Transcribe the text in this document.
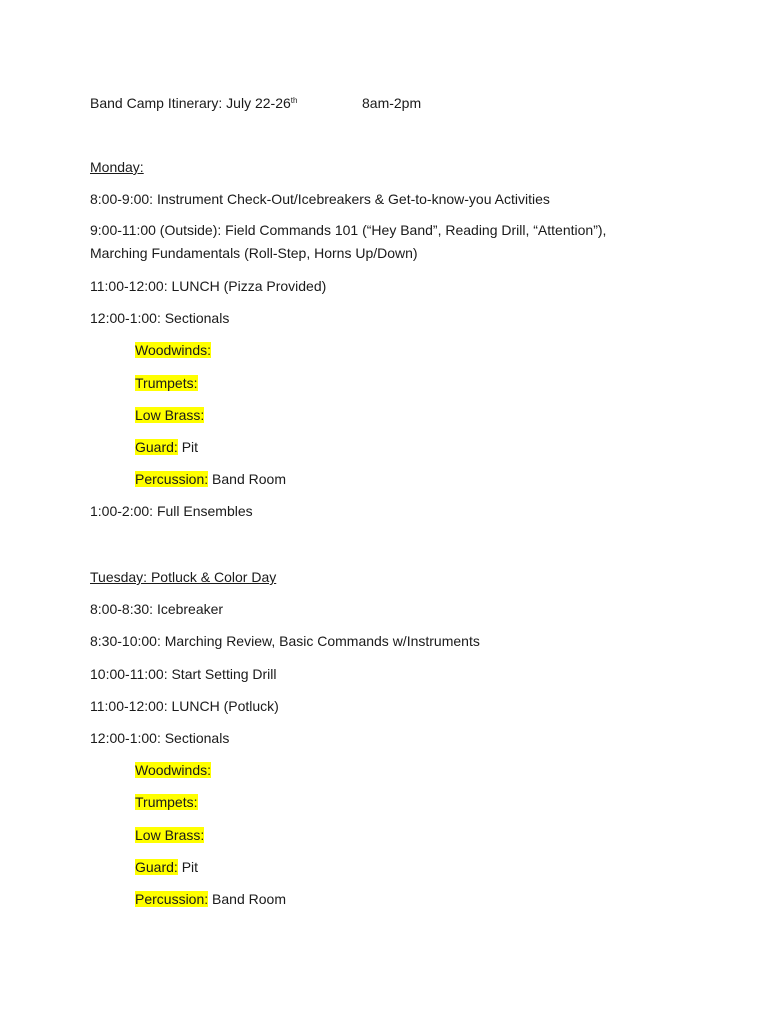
Band Camp Itinerary: July 22-26th	8am-2pm
Monday:
8:00-9:00: Instrument Check-Out/Icebreakers & Get-to-know-you Activities
9:00-11:00 (Outside): Field Commands 101 (“Hey Band”, Reading Drill, “Attention”), Marching Fundamentals (Roll-Step, Horns Up/Down)
11:00-12:00: LUNCH (Pizza Provided)
12:00-1:00: Sectionals
Woodwinds:
Trumpets:
Low Brass:
Guard: Pit
Percussion: Band Room
1:00-2:00: Full Ensembles
Tuesday: Potluck & Color Day
8:00-8:30: Icebreaker
8:30-10:00: Marching Review, Basic Commands w/Instruments
10:00-11:00: Start Setting Drill
11:00-12:00: LUNCH (Potluck)
12:00-1:00: Sectionals
Woodwinds:
Trumpets:
Low Brass:
Guard: Pit
Percussion: Band Room
